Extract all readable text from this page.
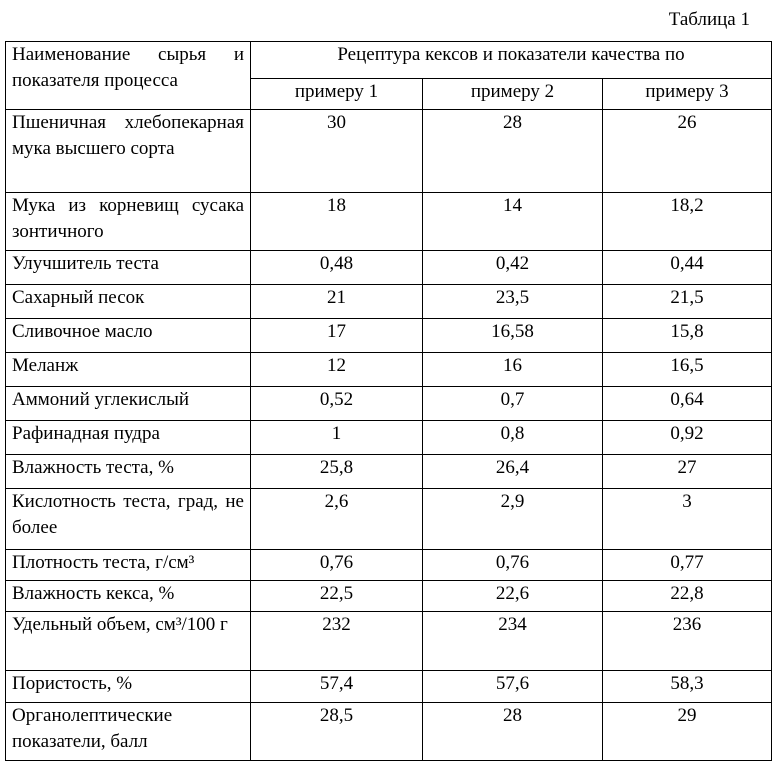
Таблица 1
Наименование сырья и показателя процесса	Рецептура кексов и показатели качества по		
	примеру 1	примеру 2	примеру 3
Пшеничная хлебопекарная мука высшего сорта	30	28	26
Мука из корневищ сусака зонтичного	18	14	18,2
Улучшитель теста	0,48	0,42	0,44
Сахарный песок	21	23,5	21,5
Сливочное масло	17	16,58	15,8
Меланж	12	16	16,5
Аммоний углекислый	0,52	0,7	0,64
Рафинадная пудра	1	0,8	0,92
Влажность теста, %	25,8	26,4	27
Кислотность теста, град, не более	2,6	2,9	3
Плотность теста, г/см³	0,76	0,76	0,77
Влажность кекса, %	22,5	22,6	22,8
Удельный объем, см³/100 г	232	234	236
Пористость, %	57,4	57,6	58,3
Органолептические показатели, балл	28,5	28	29
